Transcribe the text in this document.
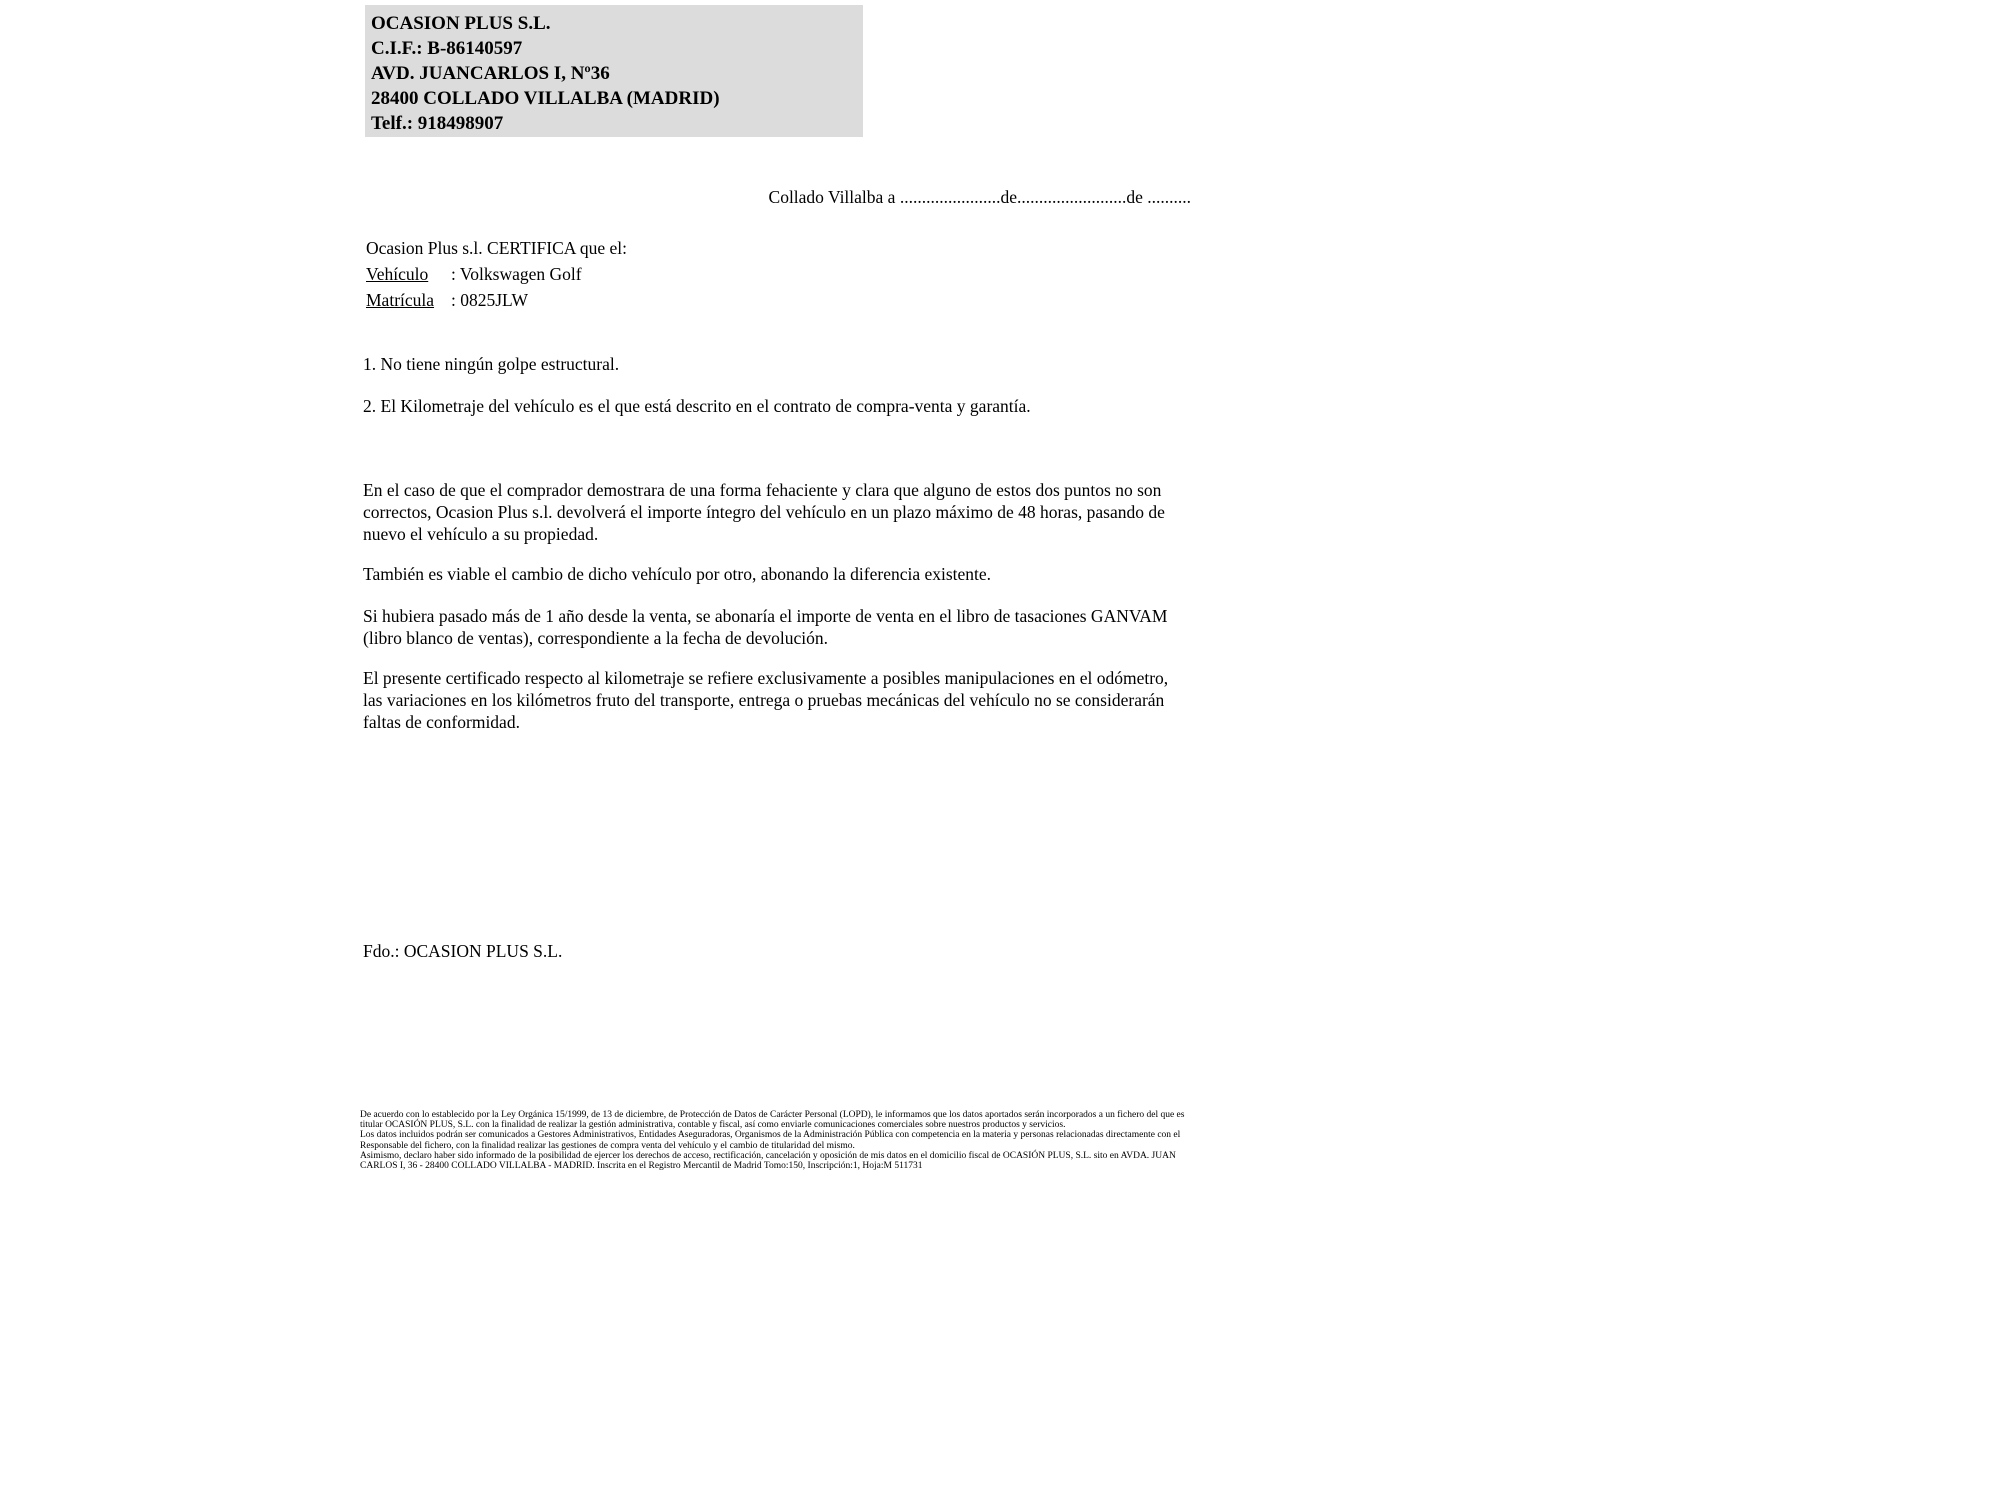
OCASION PLUS S.L.
C.I.F.: B-86140597
AVD. JUANCARLOS I, Nº36
28400 COLLADO VILLALBA (MADRID)
Telf.: 918498907
Collado Villalba a .......................de.........................de ..........
Ocasion Plus s.l. CERTIFICA que el:
Vehículo : Volkswagen Golf
Matrícula : 0825JLW
1. No tiene ningún golpe estructural.
2. El Kilometraje del vehículo es el que está descrito en el contrato de compra-venta y garantía.
En el caso de que el comprador demostrara de una forma fehaciente y clara que alguno de estos dos puntos no son correctos, Ocasion Plus s.l. devolverá el importe íntegro del vehículo en un plazo máximo de 48 horas, pasando de nuevo el vehículo a su propiedad.
También es viable el cambio de dicho vehículo por otro, abonando la diferencia existente.
Si hubiera pasado más de 1 año desde la venta, se abonaría el importe de venta en el libro de tasaciones GANVAM (libro blanco de ventas), correspondiente a la fecha de devolución.
El presente certificado respecto al kilometraje se refiere exclusivamente a posibles manipulaciones en el odómetro, las variaciones en los kilómetros fruto del transporte, entrega o pruebas mecánicas del vehículo no se considerarán faltas de conformidad.
Fdo.: OCASION PLUS S.L.
De acuerdo con lo establecido por la Ley Orgánica 15/1999, de 13 de diciembre, de Protección de Datos de Carácter Personal (LOPD), le informamos que los datos aportados serán incorporados a un fichero del que es titular OCASIÓN PLUS, S.L. con la finalidad de realizar la gestión administrativa, contable y fiscal, así como enviarle comunicaciones comerciales sobre nuestros productos y servicios.
Los datos incluidos podrán ser comunicados a Gestores Administrativos, Entidades Aseguradoras, Organismos de la Administración Pública con competencia en la materia y personas relacionadas directamente con el Responsable del fichero, con la finalidad realizar las gestiones de compra venta del vehículo y el cambio de titularidad del mismo.
Asimismo, declaro haber sido informado de la posibilidad de ejercer los derechos de acceso, rectificación, cancelación y oposición de mis datos en el domicilio fiscal de OCASIÓN PLUS, S.L. sito en AVDA. JUAN CARLOS I, 36 - 28400 COLLADO VILLALBA - MADRID. Inscrita en el Registro Mercantil de Madrid Tomo:150, Inscripción:1, Hoja:M 511731
